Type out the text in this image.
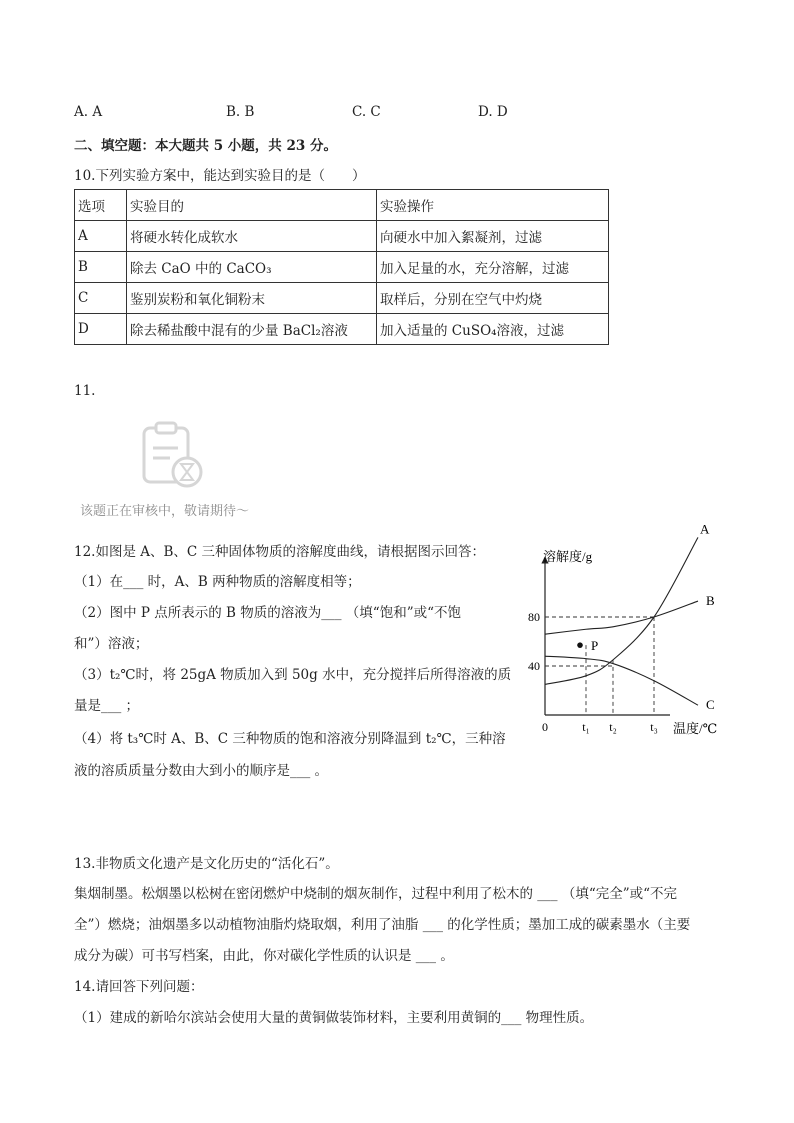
A. A	B. B	C. C	D. D
二、填空题：本大题共 5 小题，共 23 分。
10.下列实验方案中，能达到实验目的是（　　）
选项	实验目的	实验操作
A	将硬水转化成软水	向硬水中加入絮凝剂，过滤
B	除去 CaO 中的 CaCO₃	加入足量的水，充分溶解，过滤
C	鉴别炭粉和氧化铜粉末	取样后，分别在空气中灼烧
D	除去稀盐酸中混有的少量 BaCl₂溶液	加入适量的 CuSO₄溶液，过滤
11.
该题正在审核中，敬请期待～
12.如图是 A、B、C 三种固体物质的溶解度曲线，请根据图示回答：
（1）在___ 时，A、B 两种物质的溶解度相等；
（2）图中 P 点所表示的 B 物质的溶液为___ （填“饱和”或“不饱
和”）溶液；
（3）t₂℃时，将 25gA 物质加入到 50g 水中，充分搅拌后所得溶液的质
量是___ ；
（4）将 t₃℃时 A、B、C 三种物质的饱和溶液分别降温到 t₂℃，三种溶
液的溶质质量分数由大到小的顺序是___ 。
溶解度/g
温度/℃
40
80
0	t₁ t₂	t₃
A
B
C
P
13.非物质文化遗产是文化历史的“活化石”。
集烟制墨。松烟墨以松树在密闭燃炉中烧制的烟灰制作，过程中利用了松木的 ___ （填“完全”或“不完
全”）燃烧；油烟墨多以动植物油脂灼烧取烟，利用了油脂 ___ 的化学性质；墨加工成的碳素墨水（主要
成分为碳）可书写档案，由此，你对碳化学性质的认识是 ___ 。
14.请回答下列问题：
（1）建成的新哈尔滨站会使用大量的黄铜做装饰材料，主要利用黄铜的___ 物理性质。
